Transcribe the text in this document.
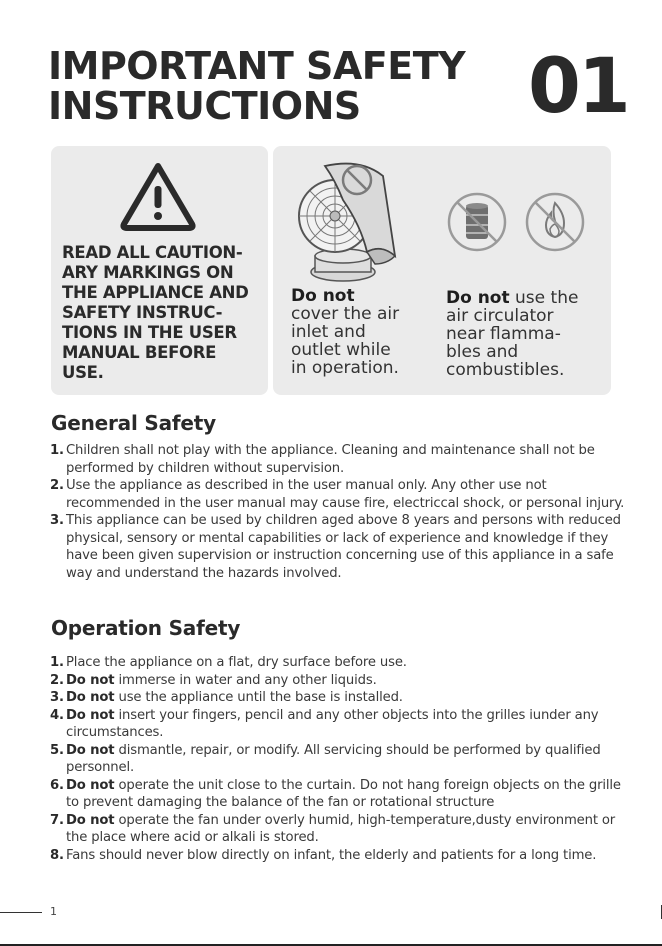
IMPORTANT SAFETY
INSTRUCTIONS	01
READ ALL CAUTION-
ARY MARKINGS ON
THE APPLIANCE AND
SAFETY INSTRUC-
TIONS IN THE USER
MANUAL BEFORE
USE.
Do not
cover the air
inlet and
outlet while
in operation.
Do not use the
air circulator
near flamma-
bles and
combustibles.
General Safety
1. Children shall not play with the appliance. Cleaning and maintenance shall not be performed by children without supervision.
2. Use the appliance as described in the user manual only. Any other use not recommended in the user manual may cause fire, electriccal shock, or personal injury.
3. This appliance can be used by children aged above 8 years and persons with reduced physical, sensory or mental capabilities or lack of experience and knowledge if they have been given supervision or instruction concerning use of this appliance in a safe way and understand the hazards involved.
Operation Safety
1. Place the appliance on a flat, dry surface before use.
2. Do not immerse in water and any other liquids.
3. Do not use the appliance until the base is installed.
4. Do not insert your fingers, pencil and any other objects into the grilles iunder any circumstances.
5. Do not dismantle, repair, or modify. All servicing should be performed by qualified personnel.
6. Do not operate the unit close to the curtain. Do not hang foreign objects on the grille to prevent damaging the balance of the fan or rotational structure
7. Do not operate the fan under overly humid, high-temperature,dusty environment or the place where acid or alkali is stored.
8. Fans should never blow directly on infant, the elderly and patients for a long time.
1
